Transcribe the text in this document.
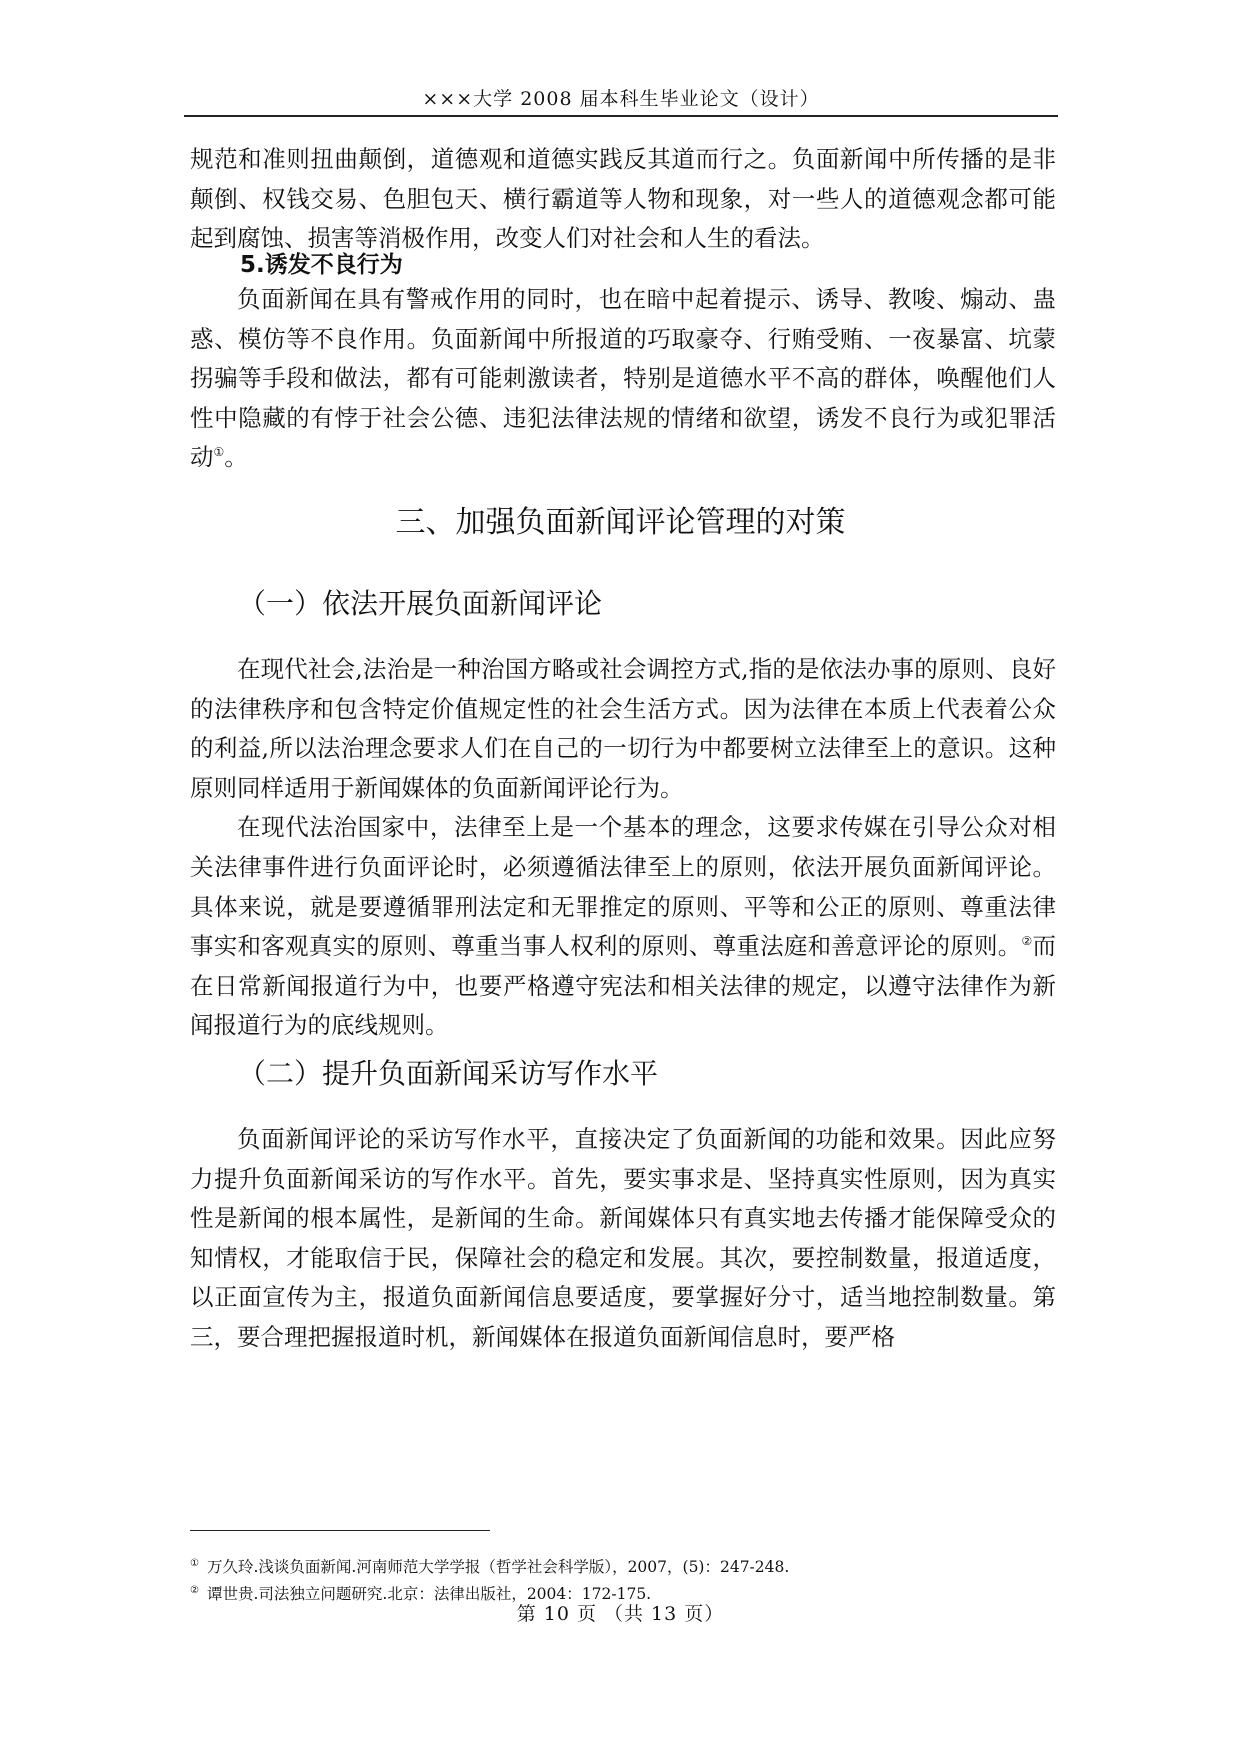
×××大学 2008 届本科生毕业论文（设计）

规范和准则扭曲颠倒，道德观和道德实践反其道而行之。负面新闻中所传播的是非颠倒、权钱交易、色胆包天、横行霸道等人物和现象，对一些人的道德观念都可能起到腐蚀、损害等消极作用，改变人们对社会和人生的看法。

5.诱发不良行为

负面新闻在具有警戒作用的同时，也在暗中起着提示、诱导、教唆、煽动、蛊惑、模仿等不良作用。负面新闻中所报道的巧取豪夺、行贿受贿、一夜暴富、坑蒙拐骗等手段和做法，都有可能刺激读者，特别是道德水平不高的群体，唤醒他们人性中隐藏的有悖于社会公德、违犯法律法规的情绪和欲望，诱发不良行为或犯罪活动①。

三、加强负面新闻评论管理的对策
（一）依法开展负面新闻评论

在现代社会,法治是一种治国方略或社会调控方式,指的是依法办事的原则、良好的法律秩序和包含特定价值规定性的社会生活方式。因为法律在本质上代表着公众的利益,所以法治理念要求人们在自己的一切行为中都要树立法律至上的意识。这种原则同样适用于新闻媒体的负面新闻评论行为。

在现代法治国家中，法律至上是一个基本的理念，这要求传媒在引导公众对相关法律事件进行负面评论时，必须遵循法律至上的原则，依法开展负面新闻评论。具体来说，就是要遵循罪刑法定和无罪推定的原则、平等和公正的原则、尊重法律事实和客观真实的原则、尊重当事人权利的原则、尊重法庭和善意评论的原则。②而在日常新闻报道行为中，也要严格遵守宪法和相关法律的规定，以遵守法律作为新闻报道行为的底线规则。

（二）提升负面新闻采访写作水平

负面新闻评论的采访写作水平，直接决定了负面新闻的功能和效果。因此应努力提升负面新闻采访的写作水平。首先，要实事求是、坚持真实性原则，因为真实性是新闻的根本属性，是新闻的生命。新闻媒体只有真实地去传播才能保障受众的知情权，才能取信于民，保障社会的稳定和发展。其次，要控制数量，报道适度，以正面宣传为主，报道负面新闻信息要适度，要掌握好分寸，适当地控制数量。第三，要合理把握报道时机，新闻媒体在报道负面新闻信息时，要严格

① 万久玲.浅谈负面新闻.河南师范大学学报（哲学社会科学版），2007，(5)：247-248.
② 谭世贵.司法独立问题研究.北京：法律出版社，2004：172-175.
第 10 页 （共 13 页）
